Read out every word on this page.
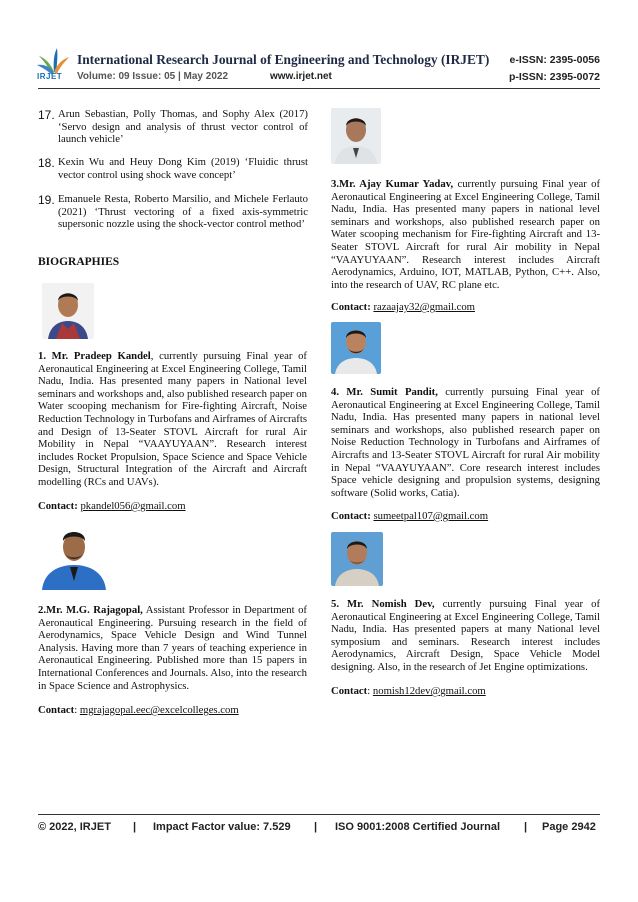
IRJET
International Research Journal of Engineering and Technology (IRJET) e-ISSN: 2395-0056
Volume: 09 Issue: 05 | May 2022	www.irjet.net	p-ISSN: 2395-0072
17. Arun Sebastian, Polly Thomas, and Sophy Alex (2017) ‘Servo design and analysis of thrust vector control of launch vehicle’
18. Kexin Wu and Heuy Dong Kim (2019) ‘Fluidic thrust vector control using shock wave concept’
19. Emanuele Resta, Roberto Marsilio, and Michele Ferlauto (2021) ‘Thrust vectoring of a fixed axis-symmetric supersonic nozzle using the shock-vector control method’
BIOGRAPHIES
1. Mr. Pradeep Kandel, currently pursuing Final year of Aeronautical Engineering at Excel Engineering College, Tamil Nadu, India. Has presented many papers in National level seminars and workshops and, also published research paper on Water scooping mechanism for Fire-fighting Aircraft, Noise Reduction Technology in Turbofans and Airframes of Aircrafts and Design of 13-Seater STOVL Aircraft for rural Air Mobility in Nepal “VAAYUYAAN”. Research interest includes Rocket Propulsion, Space Science and Space Vehicle Design, Structural Integration of the Aircraft and Aircraft modelling (RCs and UAVs).
Contact: pkandel056@gmail.com
2.Mr. M.G. Rajagopal, Assistant Professor in Department of Aeronautical Engineering. Pursuing research in the field of Aerodynamics, Space Vehicle Design and Wind Tunnel Analysis. Having more than 7 years of teaching experience in Aeronautical Engineering. Published more than 15 papers in International Conferences and Journals. Also, into the research in Space Science and Astrophysics.
Contact: mgrajagopal.eec@excelcolleges.com
3.Mr. Ajay Kumar Yadav, currently pursuing Final year of Aeronautical Engineering at Excel Engineering College, Tamil Nadu, India. Has presented many papers in national level seminars and workshops, also published research paper on Water scooping mechanism for Fire-fighting Aircraft and 13-Seater STOVL Aircraft for rural Air mobility in Nepal “VAAYUYAAN”. Research interest includes Aircraft Aerodynamics, Arduino, IOT, MATLAB, Python, C++. Also, into the research of UAV, RC plane etc.
Contact: razaajay32@gmail.com
4. Mr. Sumit Pandit, currently pursuing Final year of Aeronautical Engineering at Excel Engineering College, Tamil Nadu, India. Has presented many papers in national level seminars and workshops, also published research paper on Noise Reduction Technology in Turbofans and Airframes of Aircrafts and 13-Seater STOVL Aircraft for rural Air mobility in Nepal “VAAYUYAAN”. Core research interest includes Space vehicle designing and propulsion systems, designing software (Solid works, Catia).
Contact: sumeetpal107@gmail.com
5. Mr. Nomish Dev, currently pursuing Final year of Aeronautical Engineering at Excel Engineering College, Tamil Nadu, India. Has presented papers at many National level symposium and seminars. Research interest includes Aerodynamics, Aircraft Design, Space Vehicle Model designing. Also, in the research of Jet Engine optimizations.
Contact: nomish12dev@gmail.com
© 2022, IRJET | Impact Factor value: 7.529 | ISO 9001:2008 Certified Journal | Page 2942
